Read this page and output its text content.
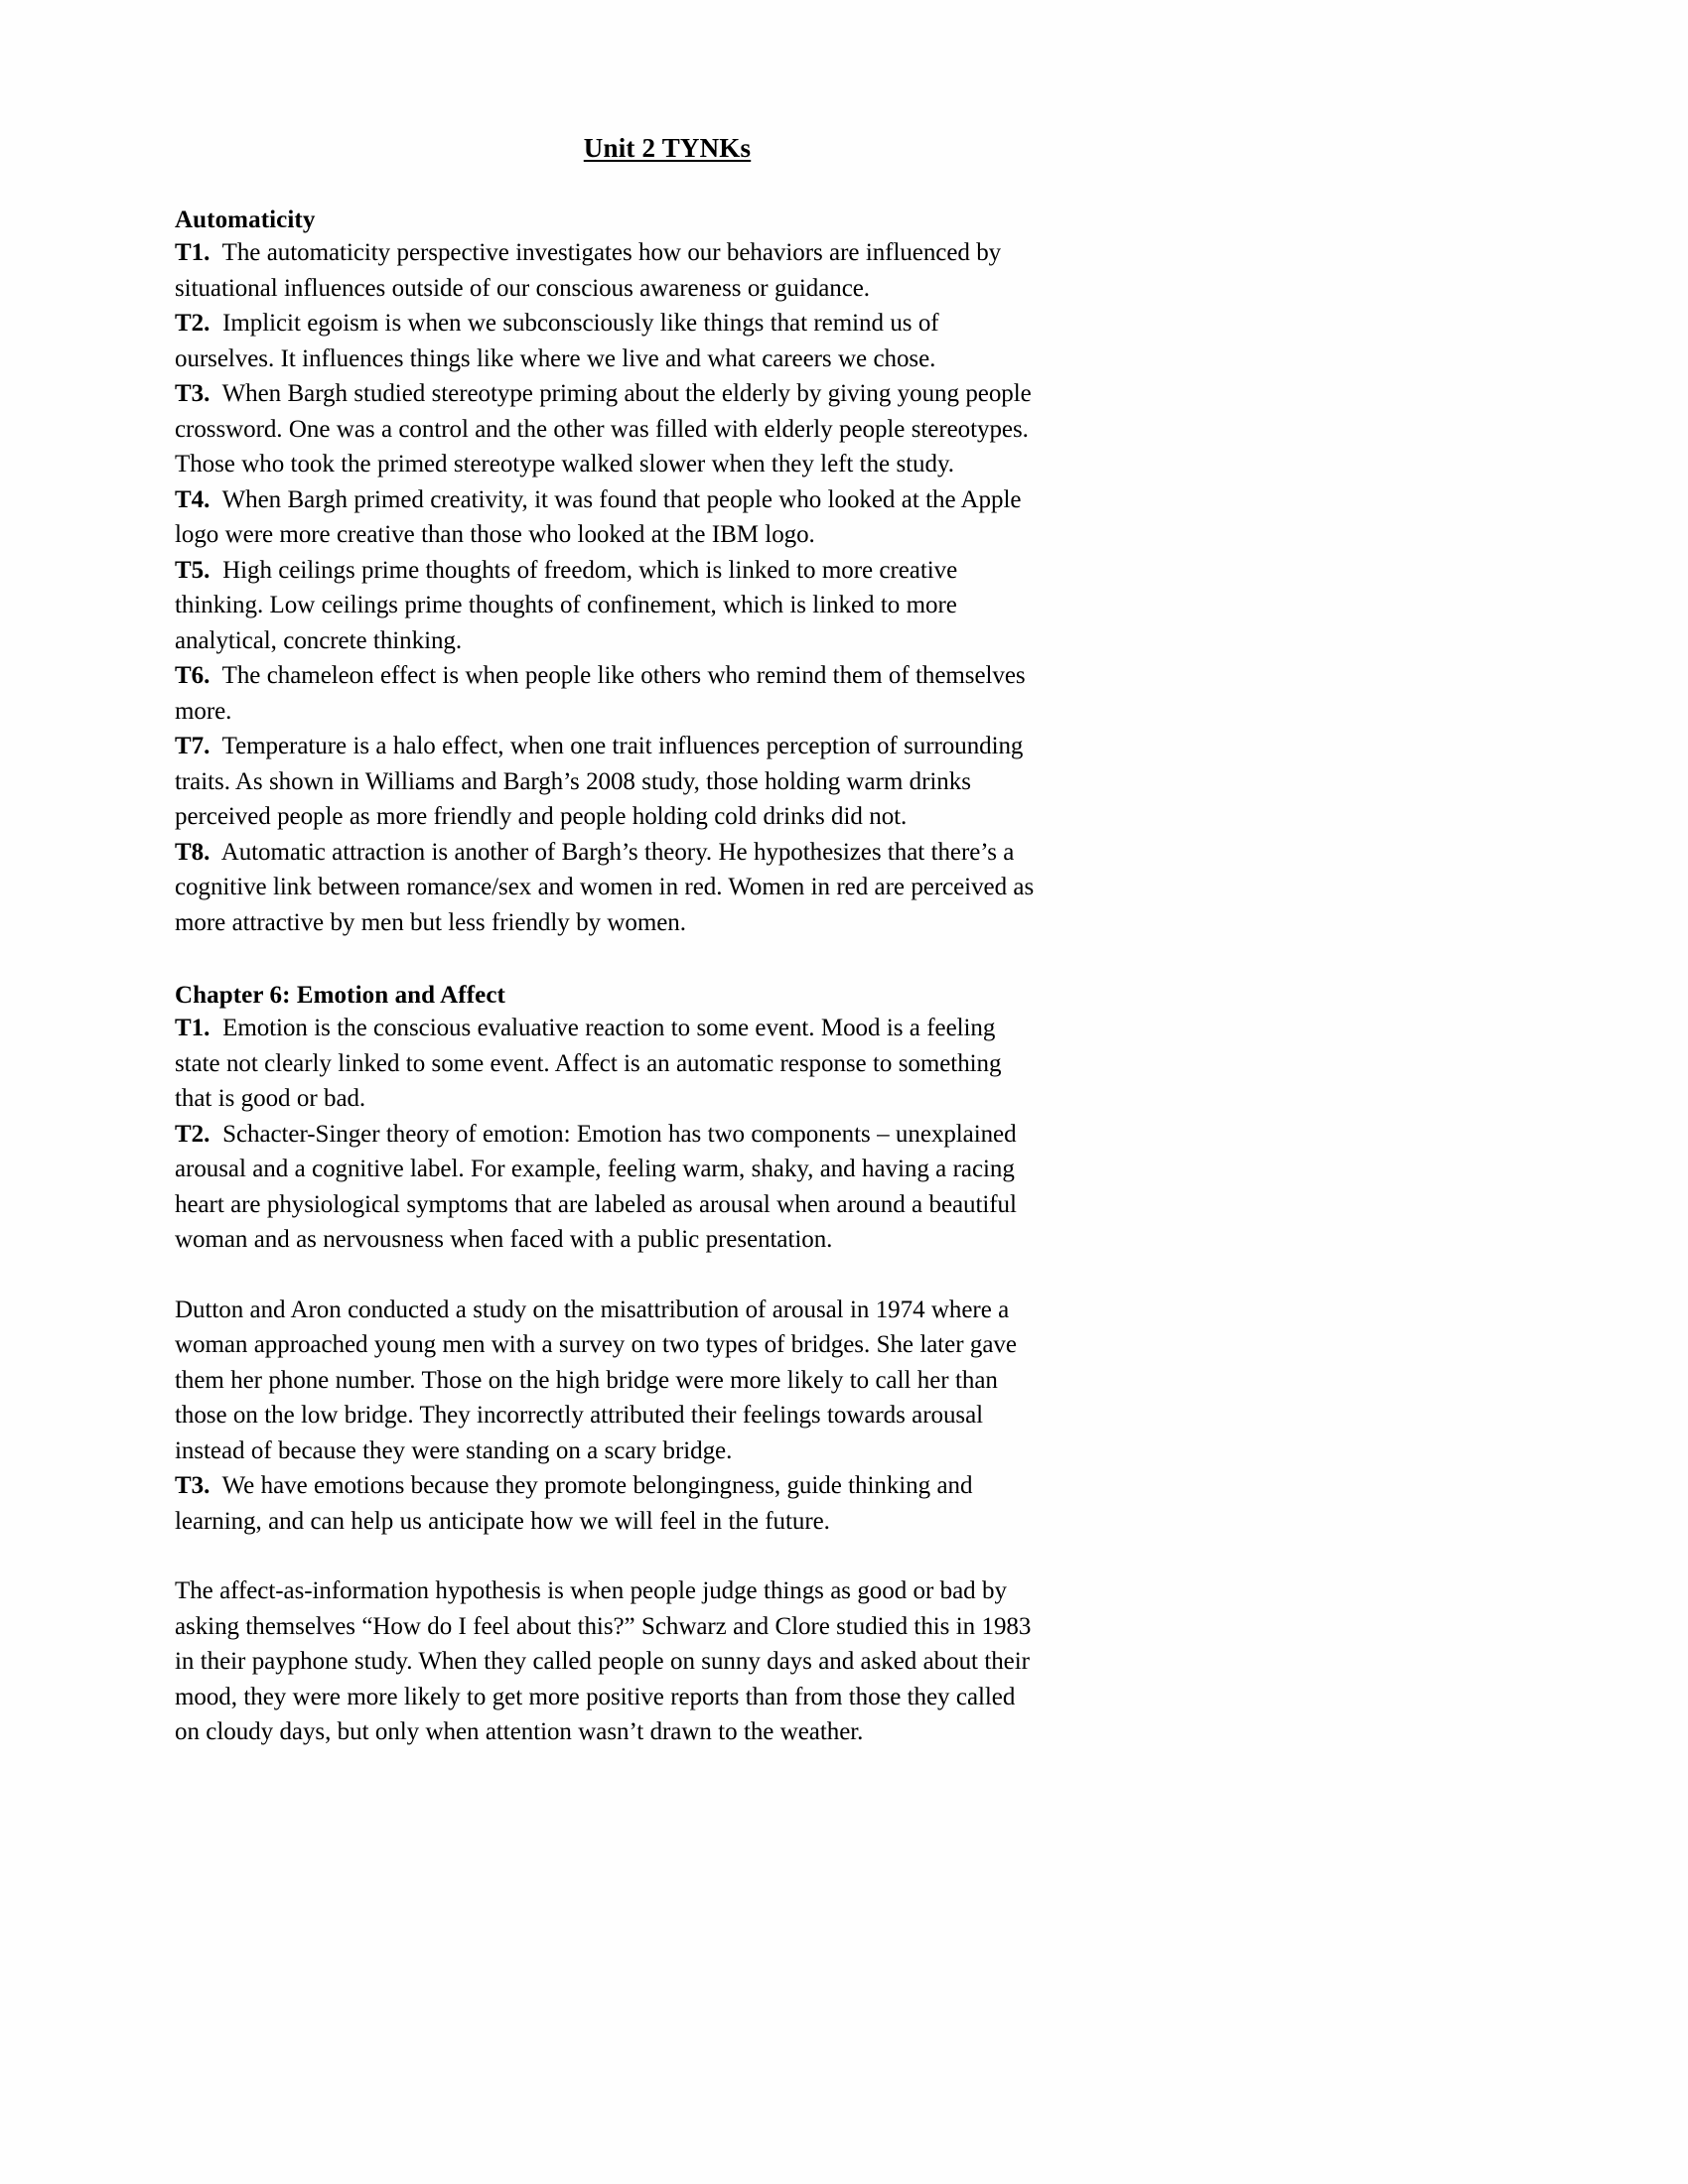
Unit 2 TYNKs
Automaticity

T1. The automaticity perspective investigates how our behaviors are influenced by situational influences outside of our conscious awareness or guidance.

T2. Implicit egoism is when we subconsciously like things that remind us of ourselves. It influences things like where we live and what careers we chose.

T3. When Bargh studied stereotype priming about the elderly by giving young people crossword. One was a control and the other was filled with elderly people stereotypes. Those who took the primed stereotype walked slower when they left the study.

T4. When Bargh primed creativity, it was found that people who looked at the Apple logo were more creative than those who looked at the IBM logo.

T5. High ceilings prime thoughts of freedom, which is linked to more creative thinking. Low ceilings prime thoughts of confinement, which is linked to more analytical, concrete thinking.

T6. The chameleon effect is when people like others who remind them of themselves more.

T7. Temperature is a halo effect, when one trait influences perception of surrounding traits. As shown in Williams and Bargh’s 2008 study, those holding warm drinks perceived people as more friendly and people holding cold drinks did not.

T8. Automatic attraction is another of Bargh’s theory. He hypothesizes that there’s a cognitive link between romance/sex and women in red. Women in red are perceived as more attractive by men but less friendly by women.

Chapter 6: Emotion and Affect

T1. Emotion is the conscious evaluative reaction to some event. Mood is a feeling state not clearly linked to some event. Affect is an automatic response to something that is good or bad.

T2. Schacter-Singer theory of emotion: Emotion has two components – unexplained arousal and a cognitive label. For example, feeling warm, shaky, and having a racing heart are physiological symptoms that are labeled as arousal when around a beautiful woman and as nervousness when faced with a public presentation.

Dutton and Aron conducted a study on the misattribution of arousal in 1974 where a woman approached young men with a survey on two types of bridges. She later gave them her phone number. Those on the high bridge were more likely to call her than those on the low bridge. They incorrectly attributed their feelings towards arousal instead of because they were standing on a scary bridge.

T3. We have emotions because they promote belongingness, guide thinking and learning, and can help us anticipate how we will feel in the future.

The affect-as-information hypothesis is when people judge things as good or bad by asking themselves “How do I feel about this?” Schwarz and Clore studied this in 1983 in their payphone study. When they called people on sunny days and asked about their mood, they were more likely to get more positive reports than from those they called on cloudy days, but only when attention wasn’t drawn to the weather.
